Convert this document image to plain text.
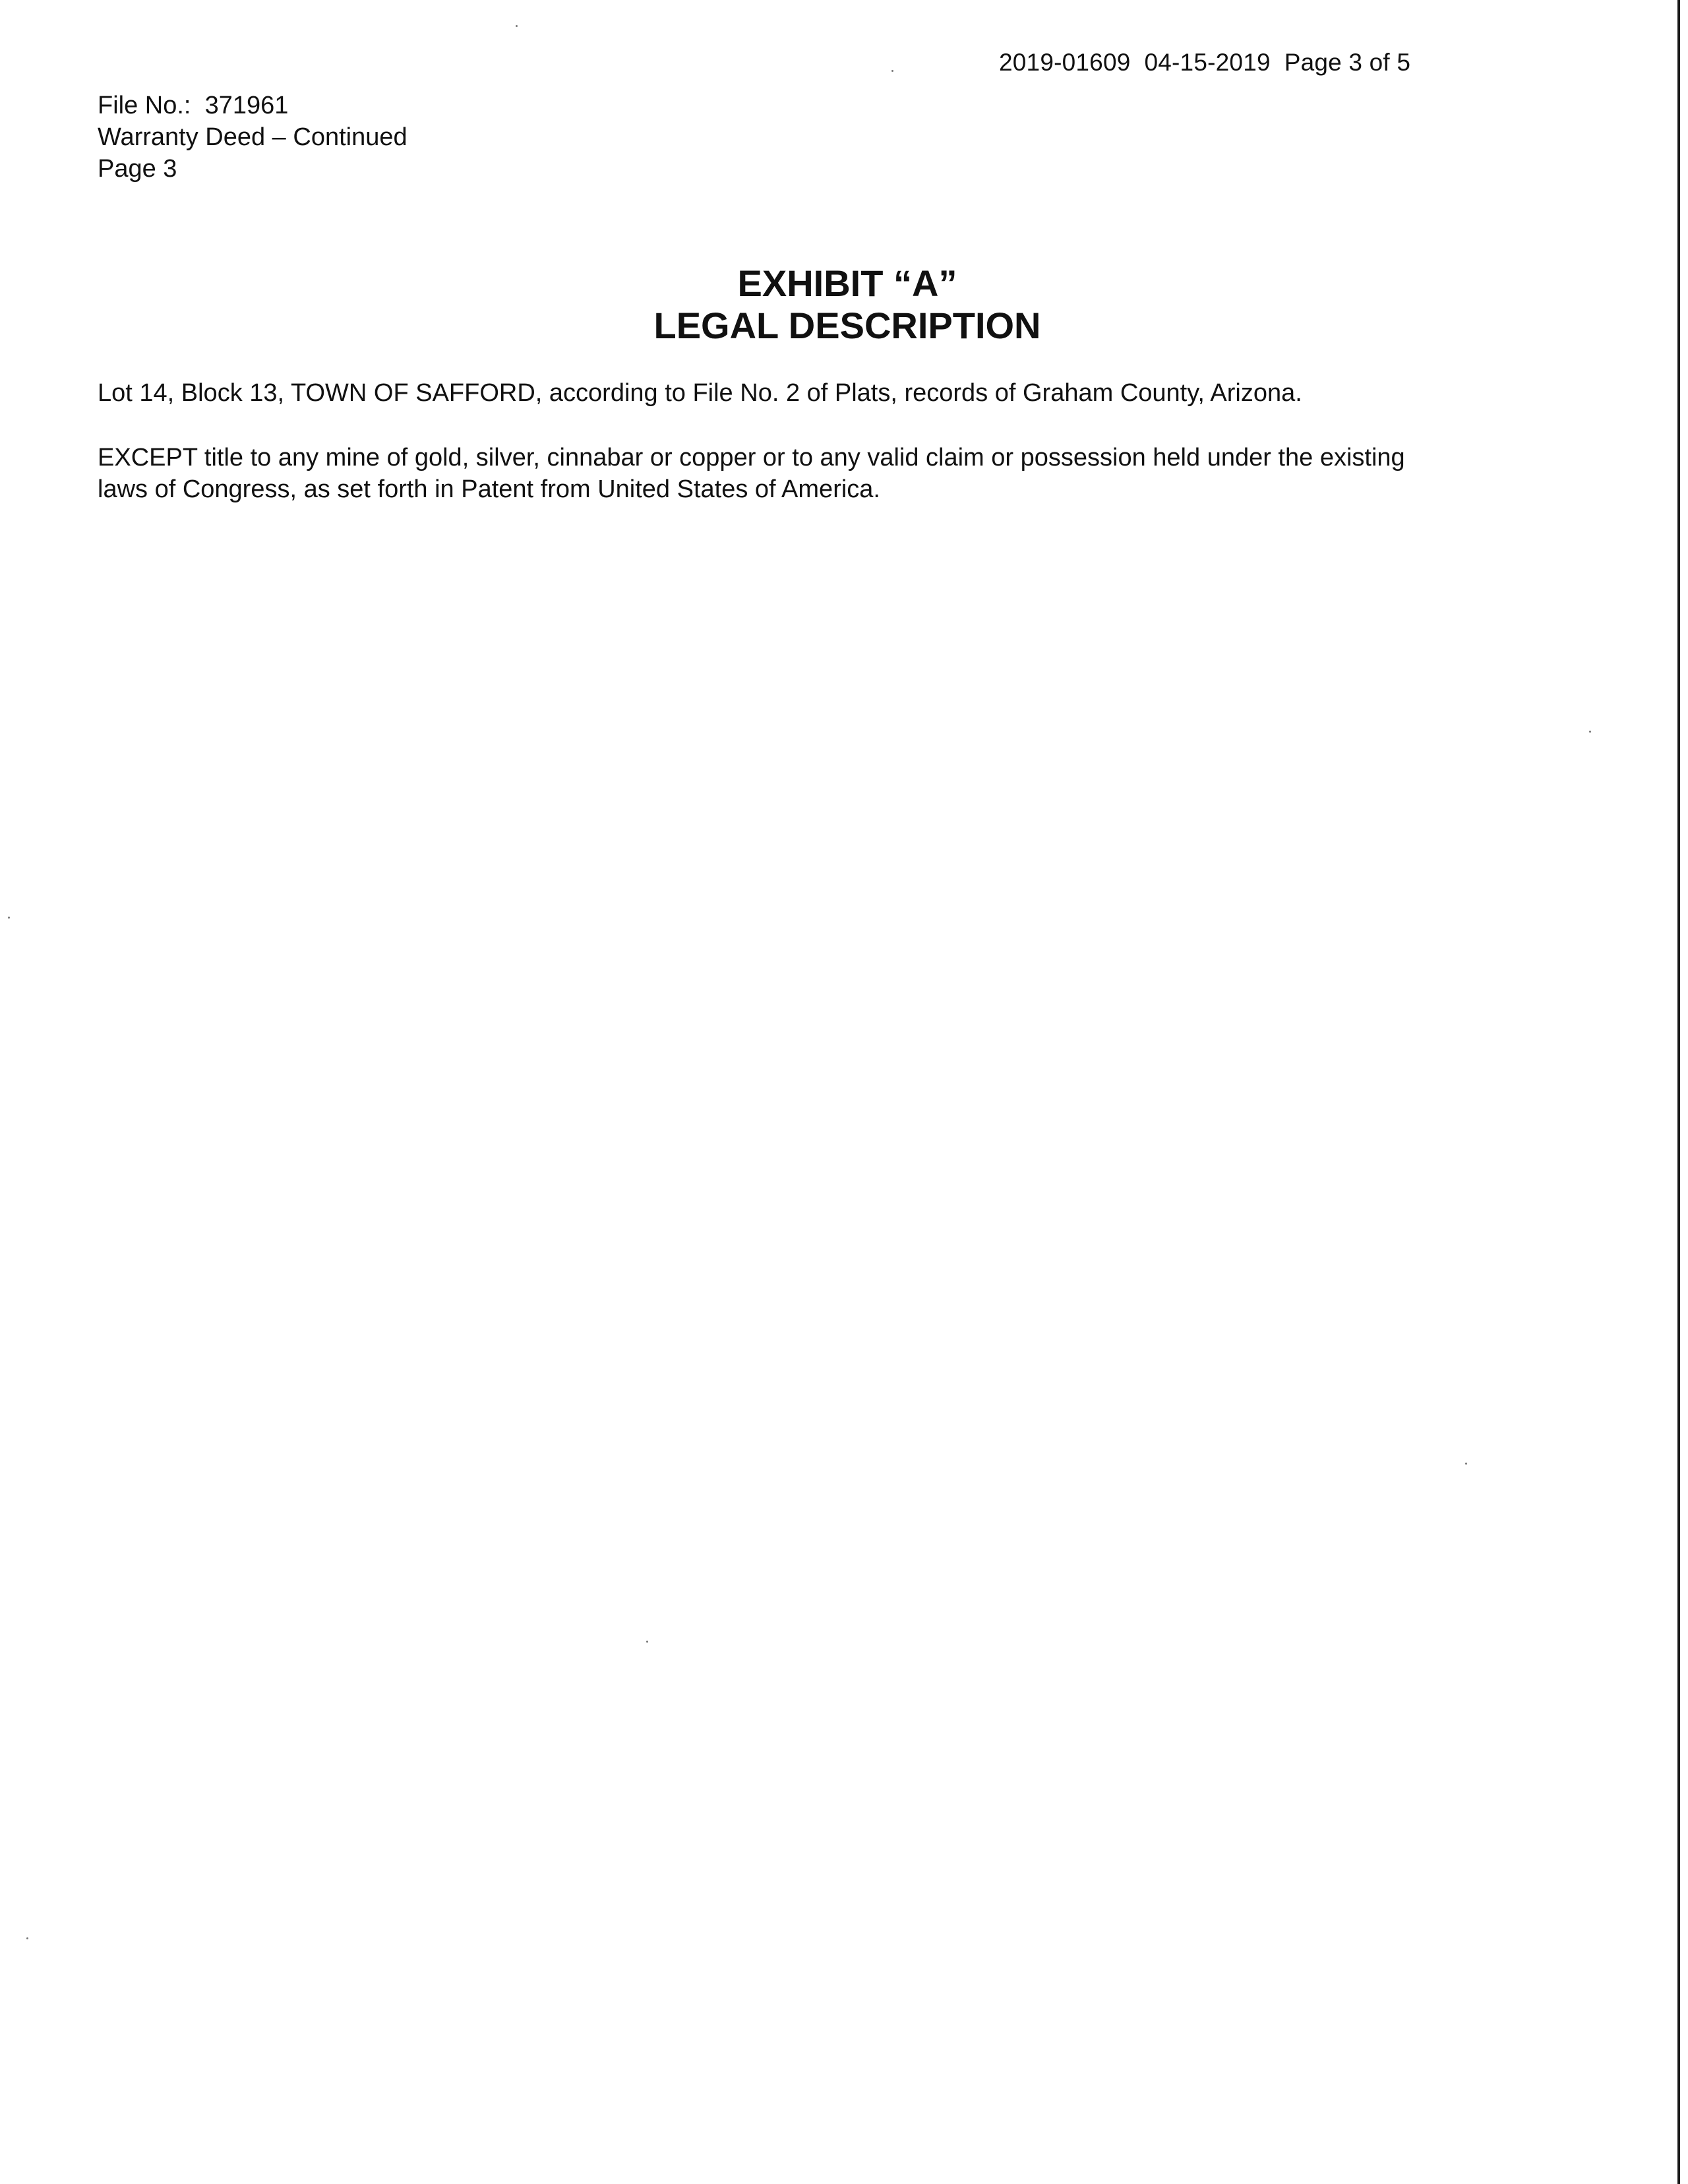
2019-01609  04-15-2019  Page 3 of 5
File No.:  371961
Warranty Deed – Continued
Page 3
EXHIBIT “A”
LEGAL DESCRIPTION

Lot 14, Block 13, TOWN OF SAFFORD, according to File No. 2 of Plats, records of Graham County, Arizona.

EXCEPT title to any mine of gold, silver, cinnabar or copper or to any valid claim or possession held under the existing
laws of Congress, as set forth in Patent from United States of America.
